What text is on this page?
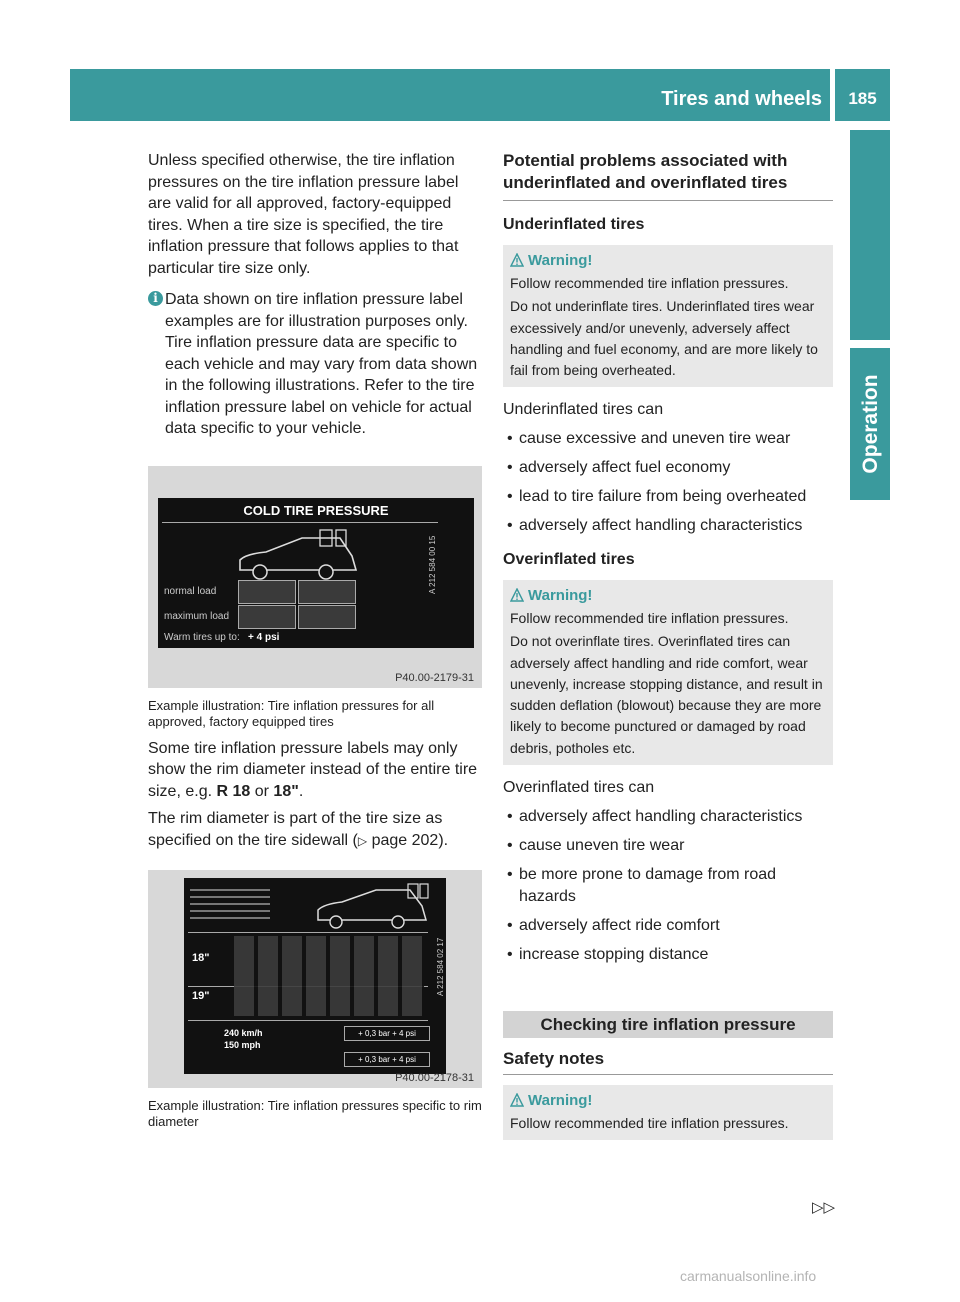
Tires and wheels	185
Operation

Unless specified otherwise, the tire inflation pressures on the tire inflation pressure label are valid for all approved, factory-equipped tires. When a tire size is specified, the tire inflation pressure that follows applies to that particular tire size only.

i Data shown on tire inflation pressure label examples are for illustration purposes only. Tire inflation pressure data are specific to each vehicle and may vary from data shown in the following illustrations. Refer to the tire inflation pressure label on vehicle for actual data specific to your vehicle.
COLD TIRE PRESSURE
normal load
maximum load
Warm tires up to: + 4 psi
A 212 584 00 15
P40.00-2179-31

Example illustration: Tire inflation pressures for all approved, factory equipped tires

Some tire inflation pressure labels may only show the rim diameter instead of the entire tire size, e.g. R 18 or 18".

The rim diameter is part of the tire size as specified on the tire sidewall (▷ page 202).

18"
19"
240 km/h
150 mph
+ 0,3 bar + 4 psi
+ 0,3 bar + 4 psi
A 212 584 02 17
P40.00-2178-31

Example illustration: Tire inflation pressures specific to rim diameter

Potential problems associated with underinflated and overinflated tires
Underinflated tires
Warning!

Follow recommended tire inflation pressures.

Do not underinflate tires. Underinflated tires wear excessively and/or unevenly, adversely affect handling and fuel economy, and are more likely to fail from being overheated.

Underinflated tires can

• cause excessive and uneven tire wear
• adversely affect fuel economy
• lead to tire failure from being overheated
• adversely affect handling characteristics
Overinflated tires
Warning!

Follow recommended tire inflation pressures.

Do not overinflate tires. Overinflated tires can adversely affect handling and ride comfort, wear unevenly, increase stopping distance, and result in sudden deflation (blowout) because they are more likely to become punctured or damaged by road debris, potholes etc.

Overinflated tires can

• adversely affect handling characteristics
• cause uneven tire wear
• be more prone to damage from road hazards
• adversely affect ride comfort
• increase stopping distance
Checking tire inflation pressure
Safety notes
Warning!

Follow recommended tire inflation pressures.

▷▷
carmanualsonline.info
